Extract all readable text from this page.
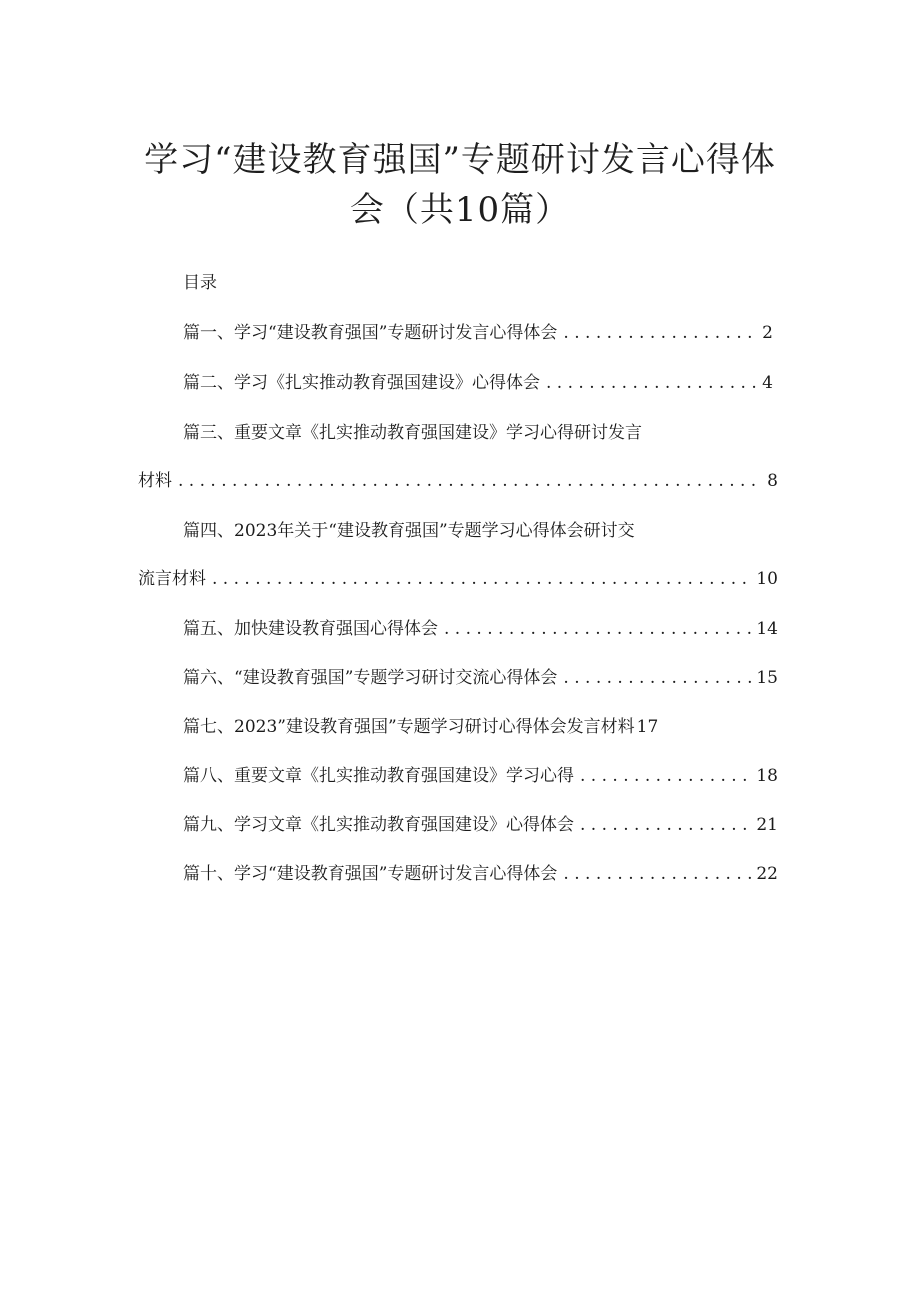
学习“建设教育强国”专题研讨发言心得体
会（共10篇）
目录
篇一、学习“建设教育强国”专题研讨发言心得体会 . . .	2
篇二、学习《扎实推动教育强国建设》心得体会 . . .	4
篇三、重要文章《扎实推动教育强国建设》学习心得研讨发言
材料 . . .	8
篇四、2023年关于“建设教育强国”专题学习心得体会研讨交
流言材料 . . .	10
篇五、加快建设教育强国心得体会 . . .	14
篇六、“建设教育强国”专题学习研讨交流心得体会 . . .	15
篇七、2023”建设教育强国”专题学习研讨心得体会发言材料 17
篇八、重要文章《扎实推动教育强国建设》学习心得 . . .	18
篇九、学习文章《扎实推动教育强国建设》心得体会 . . .	21
篇十、学习“建设教育强国”专题研讨发言心得体会 . . .	22
